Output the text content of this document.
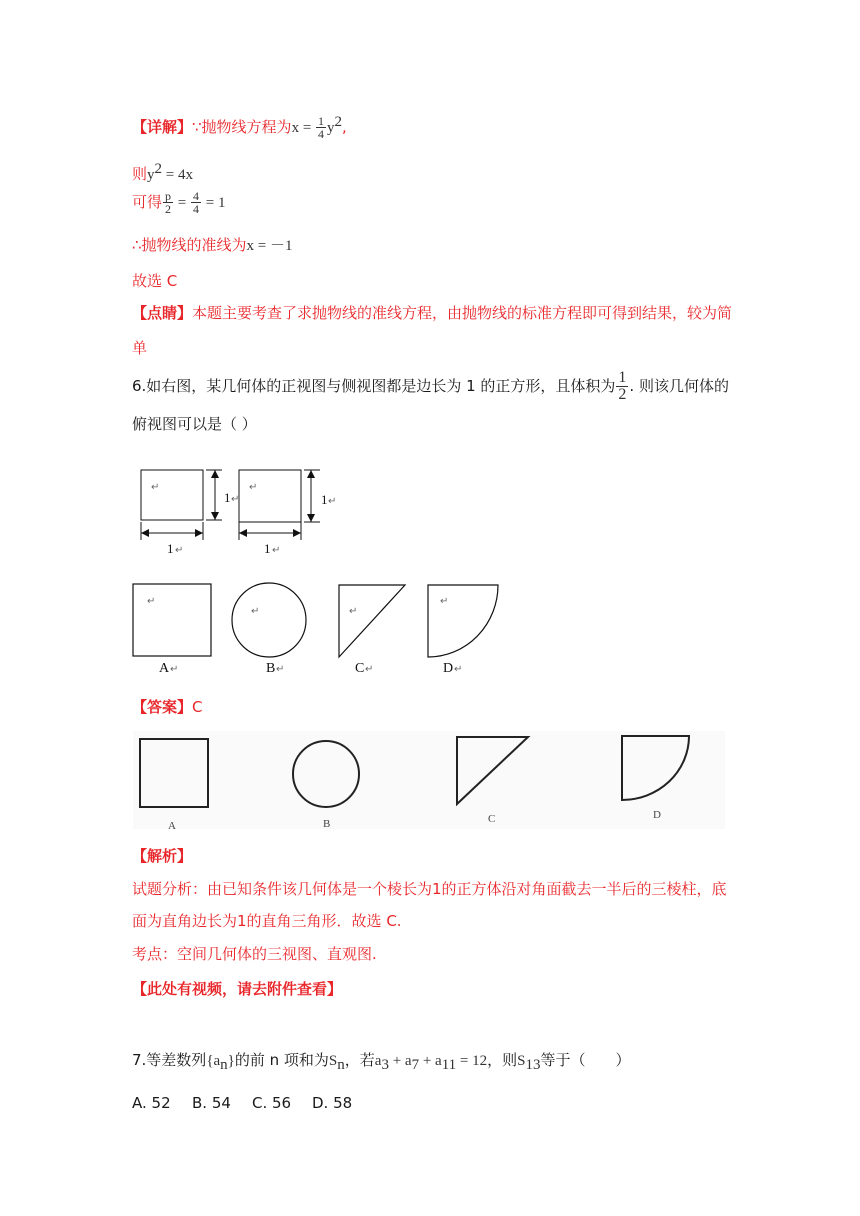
【详解】∵抛物线方程为$x = \frac{1}{4} y^2$,
则$y^2 = 4x$
可得 $\frac{p}{2} = \frac{4}{4} = 1$
∴抛物线的准线为x = －1
故选 C
【点睛】本题主要考查了求抛物线的准线方程，由抛物线的标准方程即可得到结果，较为简
单
6.如右图，某几何体的正视图与侧视图都是边长为 1 的正方形，且体积为 $\frac{1}{2}$ . 则该几何体的
俯视图可以是（ ）
1	1
1	1
↵	↵
↵	↵
↵	↵
↵
↵	↵
↵
A	B	C	D
↵	↵	↵	↵
【答案】C
A	B	C	D
【解析】
试题分析：由已知条件该几何体是一个棱长为1的正方体沿对角面截去一半后的三棱柱，底
面为直角边长为1的直角三角形．故选 C.
考点：空间几何体的三视图、直观图.
【此处有视频，请去附件查看】
7.等差数列$\{a_n\}$的前 n 项和为$S_n$，若$a_3 + a_7 + a_{11} = 12$，则$S_{13}$等于（　　）
A. 52 B. 54 C. 56 D. 58
